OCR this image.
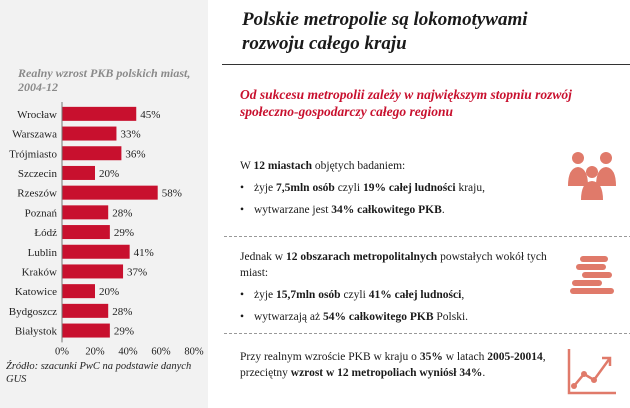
Realny wzrost PKB polskich miast, 2004-12
Wrocław	45%
Warszawa	33%
Trójmiasto	36%
Szczecin	20%
Rzeszów	58%
Poznań	28%
Łódź	29%
Lublin	41%
Kraków	37%
Katowice	20%
Bydgoszcz	28%
Białystok	29%
0% 20% 40% 60% 80%
Źródło: szacunki PwC na podstawie danych GUS
Polskie metropolie są lokomotywami rozwoju całego kraju
Od sukcesu metropolii zależy w największym stopniu rozwój społeczno-gospodarczy całego regionu
W 12 miastach objętych badaniem:
• żyje 7,5mln osób czyli 19% całej ludności kraju,
• wytwarzane jest 34% całkowitego PKB.
Jednak w 12 obszarach metropolitalnych powstałych wokół tych miast:
• żyje 15,7mln osób czyli 41% całej ludności,
• wytwarzają aż 54% całkowitego PKB Polski.
Przy realnym wzroście PKB w kraju o 35% w latach 2005-20014, przeciętny wzrost w 12 metropoliach wyniósł 34%.
